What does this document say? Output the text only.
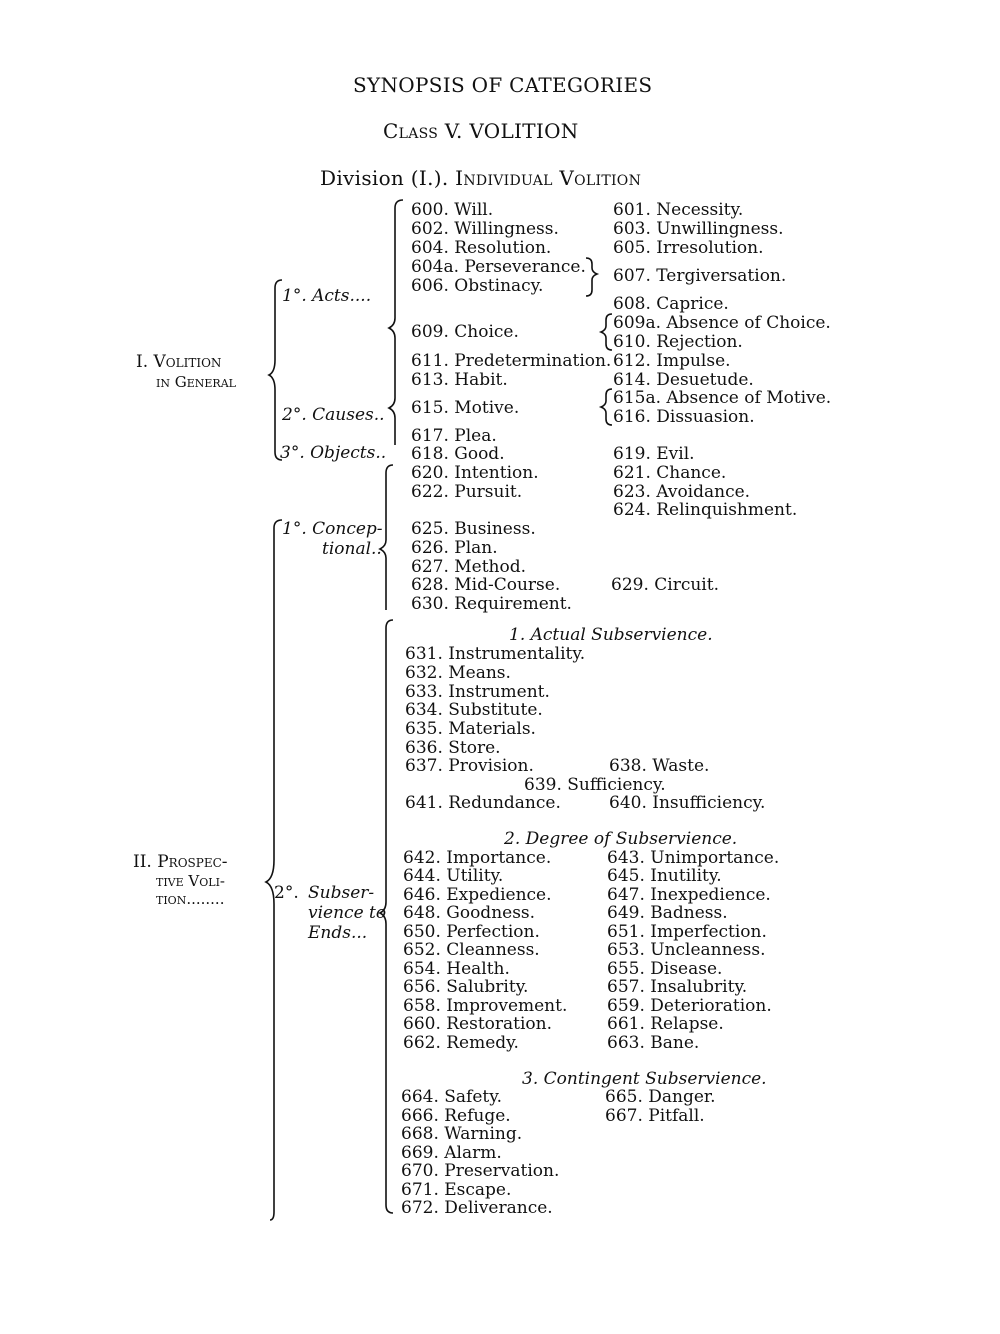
SYNOPSIS OF CATEGORIES
Class V. VOLITION
Division (I.). Individual Volition
I. Volition
in General
II. Prospec-
tive Voli-
tion........
1°. Acts....
2°. Causes..
3°. Objects..
1°. Concep-
tional..
2°. Subser-
vience to
Ends...
600. Will.	601. Necessity.
602. Willingness.	603. Unwillingness.
604. Resolution.	605. Irresolution.
604a. Perseverance.
606. Obstinacy.	607. Tergiversation.
608. Caprice.
609. Choice.	609a. Absence of Choice.
610. Rejection.
611. Predetermination. 612. Impulse.
613. Habit.	614. Desuetude.
615. Motive.	615a. Absence of Motive.
616. Dissuasion.
617. Plea.
618. Good.	619. Evil.
620. Intention.	621. Chance.
622. Pursuit.	623. Avoidance.
624. Relinquishment.
625. Business.
626. Plan.
627. Method.
628. Mid-Course.	629. Circuit.
630. Requirement.
1. Actual Subservience.
631. Instrumentality.
632. Means.
633. Instrument.
634. Substitute.
635. Materials.
636. Store.
637. Provision.	638. Waste.
639. Sufficiency.
641. Redundance.	640. Insufficiency.
2. Degree of Subservience.
642. Importance.	643. Unimportance.
644. Utility.	645. Inutility.
646. Expedience.	647. Inexpedience.
648. Goodness.	649. Badness.
650. Perfection.	651. Imperfection.
652. Cleanness.	653. Uncleanness.
654. Health.	655. Disease.
656. Salubrity.	657. Insalubrity.
658. Improvement. 659. Deterioration.
660. Restoration.	661. Relapse.
662. Remedy.	663. Bane.
3. Contingent Subservience.
664. Safety.	665. Danger.
666. Refuge.	667. Pitfall.
668. Warning.
669. Alarm.
670. Preservation.
671. Escape.
672. Deliverance.
